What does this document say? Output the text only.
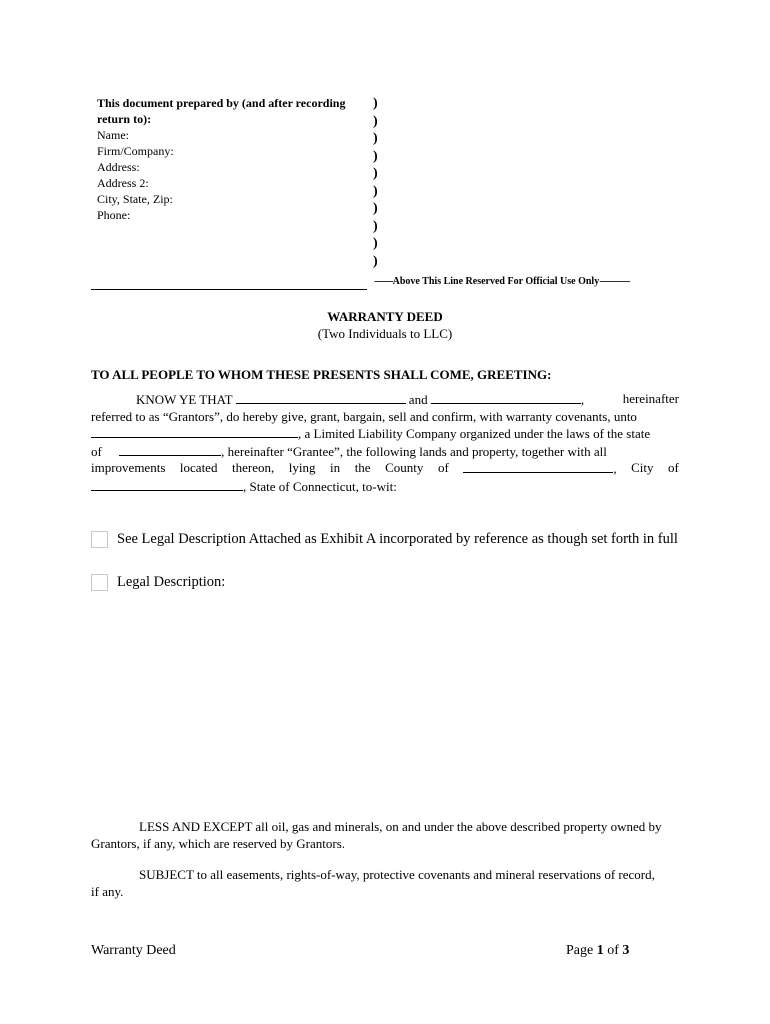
This document prepared by (and after recording return to):
Name:
Firm/Company:
Address:
Address 2:
City, State, Zip:
Phone:
)
)
)
)
)
)
)
)
)
)
--------Above This Line Reserved For Official Use Only-------------
WARRANTY DEED
(Two Individuals to LLC)
TO ALL PEOPLE TO WHOM THESE PRESENTS SHALL COME, GREETING:
KNOW YE THAT	and	,	hereinafter
referred to as “Grantors”, do hereby give, grant, bargain, sell and confirm, with warranty covenants, unto
, a Limited Liability Company organized under the laws of the state
of	, hereinafter “Grantee”, the following lands and property, together with all
improvements located thereon, lying in the County of	, City of
, State of Connecticut, to-wit:
See Legal Description Attached as Exhibit A incorporated by reference as though set forth in full
Legal Description:
LESS AND EXCEPT all oil, gas and minerals, on and under the above described property owned by Grantors, if any, which are reserved by Grantors.
SUBJECT to all easements, rights-of-way, protective covenants and mineral reservations of record, if any.
Warranty Deed	Page 1 of 3
